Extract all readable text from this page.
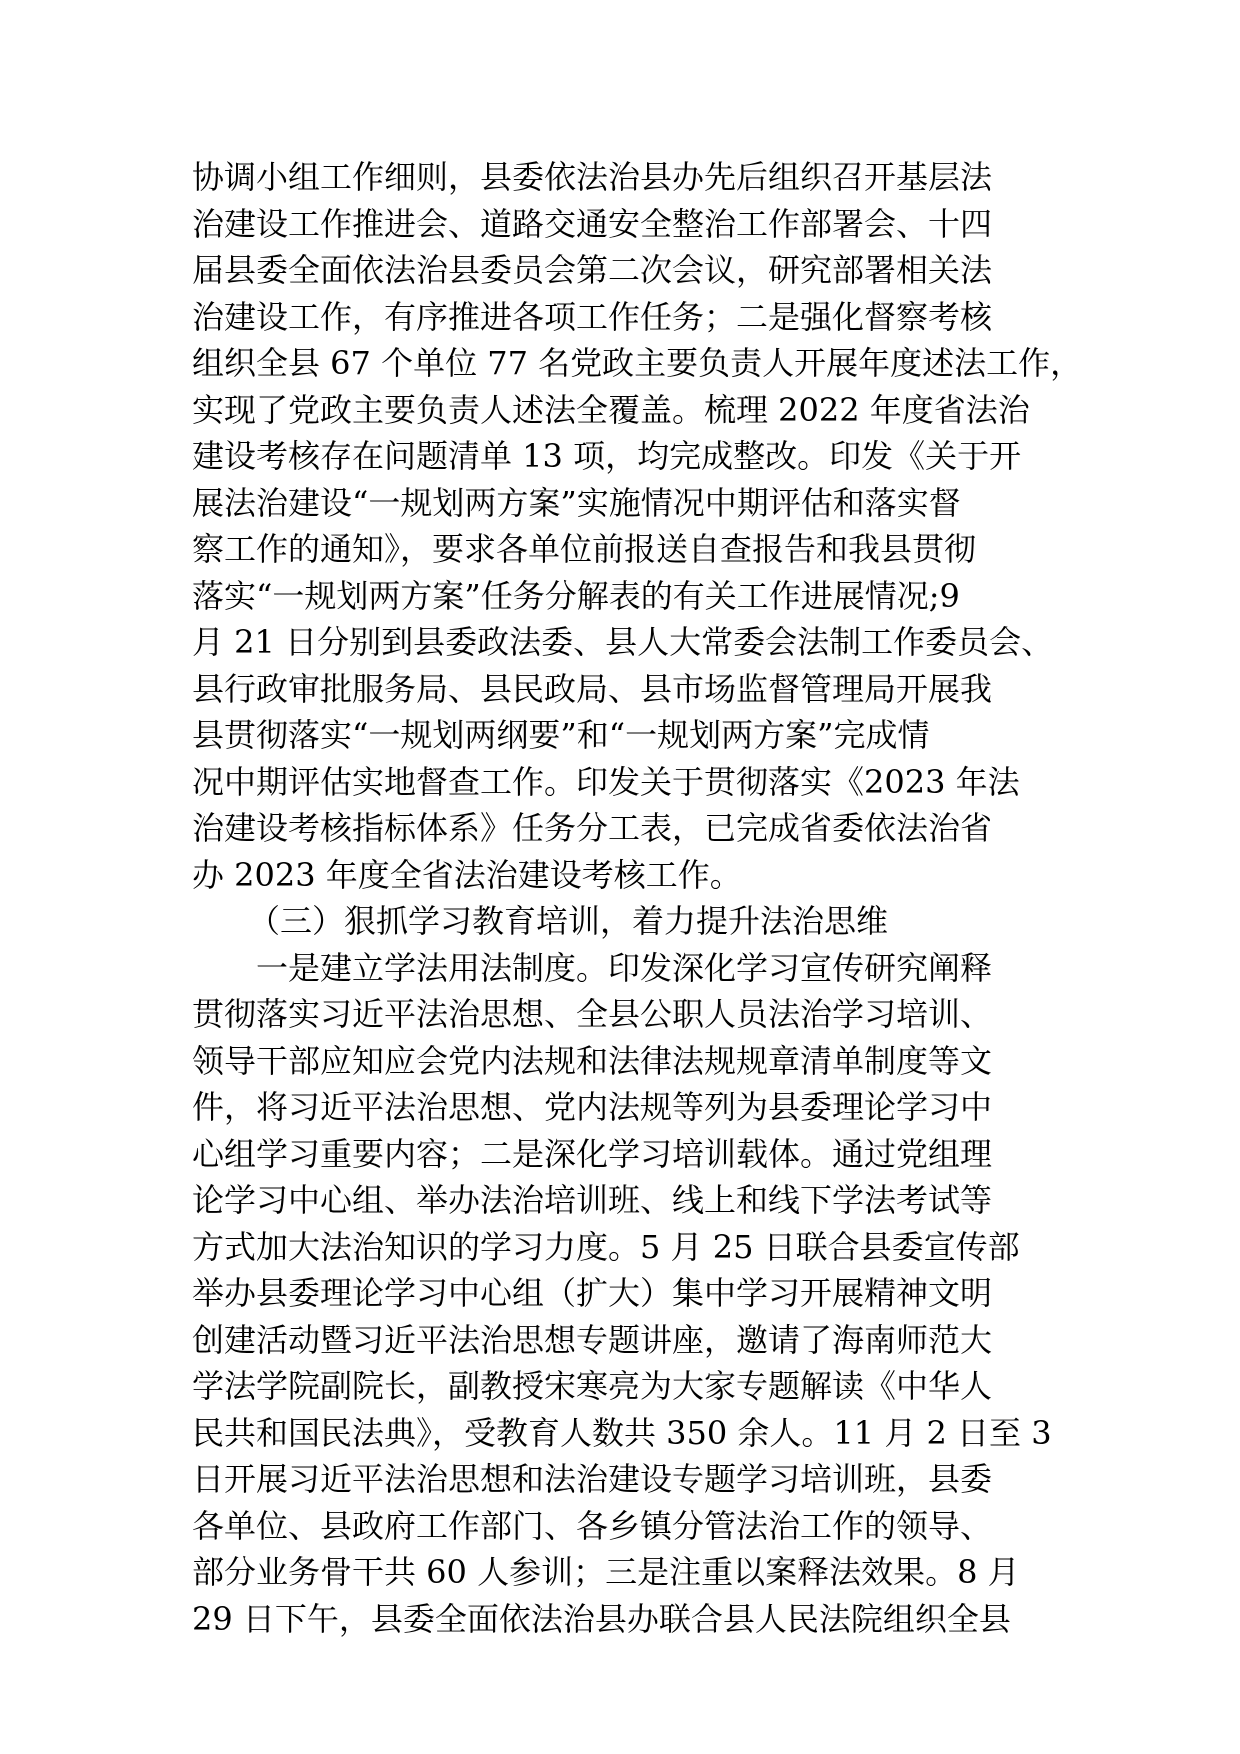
协调小组工作细则，县委依法治县办先后组织召开基层法
治建设工作推进会、道路交通安全整治工作部署会、十四
届县委全面依法治县委员会第二次会议，研究部署相关法
治建设工作，有序推进各项工作任务；二是强化督察考核
组织全县 67 个单位 77 名党政主要负责人开展年度述法工作，
实现了党政主要负责人述法全覆盖。梳理 2022 年度省法治
建设考核存在问题清单 13 项，均完成整改。印发《关于开
展法治建设“一规划两方案”实施情况中期评估和落实督
察工作的通知》，要求各单位前报送自查报告和我县贯彻
落实“一规划两方案”任务分解表的有关工作进展情况;9
月 21 日分别到县委政法委、县人大常委会法制工作委员会、
县行政审批服务局、县民政局、县市场监督管理局开展我
县贯彻落实“一规划两纲要”和“一规划两方案”完成情
况中期评估实地督查工作。印发关于贯彻落实《2023 年法
治建设考核指标体系》任务分工表，已完成省委依法治省
办 2023 年度全省法治建设考核工作。
（三）狠抓学习教育培训，着力提升法治思维
一是建立学法用法制度。印发深化学习宣传研究阐释
贯彻落实习近平法治思想、全县公职人员法治学习培训、
领导干部应知应会党内法规和法律法规规章清单制度等文
件，将习近平法治思想、党内法规等列为县委理论学习中
心组学习重要内容；二是深化学习培训载体。通过党组理
论学习中心组、举办法治培训班、线上和线下学法考试等
方式加大法治知识的学习力度。5 月 25 日联合县委宣传部
举办县委理论学习中心组（扩大）集中学习开展精神文明
创建活动暨习近平法治思想专题讲座，邀请了海南师范大
学法学院副院长，副教授宋寒亮为大家专题解读《中华人
民共和国民法典》，受教育人数共 350 余人。11 月 2 日至 3
日开展习近平法治思想和法治建设专题学习培训班，县委
各单位、县政府工作部门、各乡镇分管法治工作的领导、
部分业务骨干共 60 人参训；三是注重以案释法效果。8 月
29 日下午，县委全面依法治县办联合县人民法院组织全县
